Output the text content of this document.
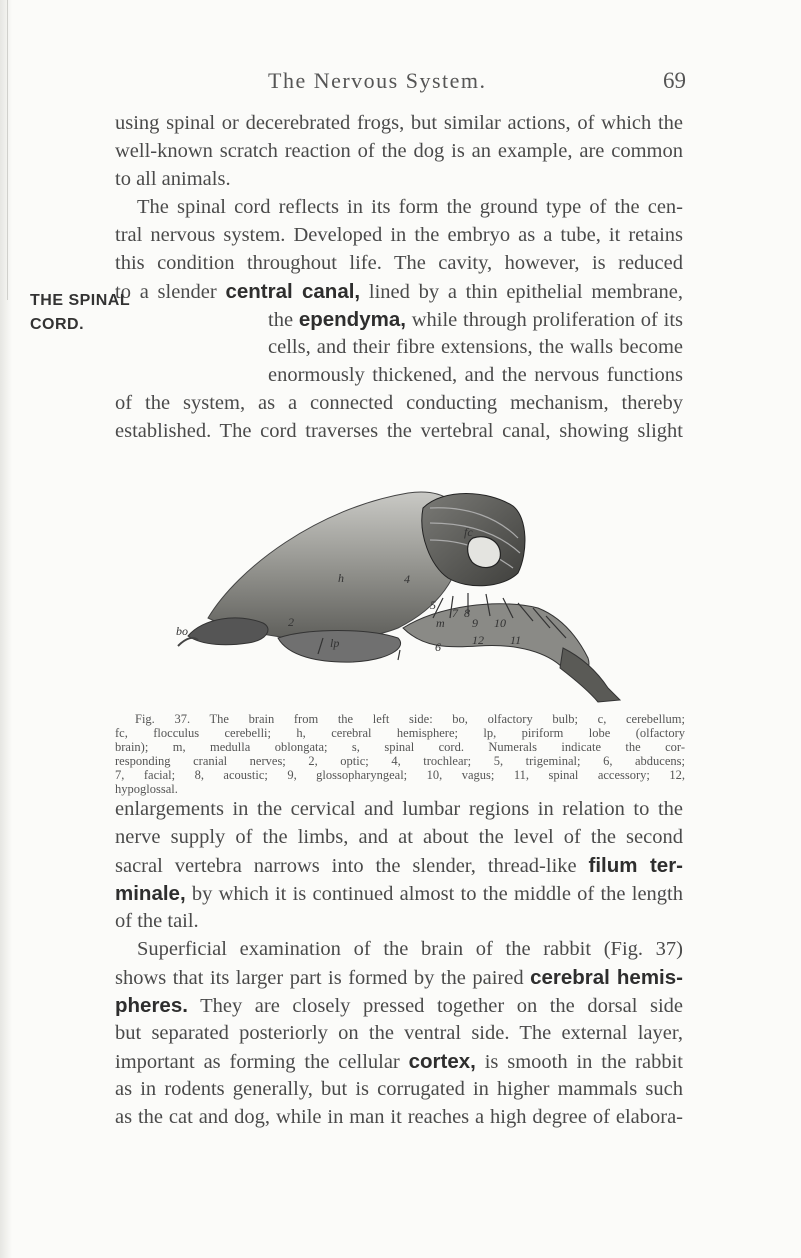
The Nervous System.	69
using spinal or decerebrated frogs, but similar actions, of which the
well-known scratch reaction of the dog is an example, are common
to all animals.
The spinal cord reflects in its form the ground type of the cen-
tral nervous system. Developed in the embryo as a tube, it retains
this condition throughout life. The cavity, however, is reduced
to a slender central canal, lined by a thin epithelial membrane,
the ependyma, while through proliferation of its
cells, and their fibre extensions, the walls become
enormously thickened, and the nervous functions
of the system, as a connected conducting mechanism, thereby
established. The cord traverses the vertebral canal, showing slight
THE SPINAL
CORD.
bo
h
lp
2
4
fc
5
6
7 8
9 10
m
12 11
Fig. 37. The brain from the left side: bo, olfactory bulb; c, cerebellum;
fc, flocculus cerebelli; h, cerebral hemisphere; lp, piriform lobe (olfactory
brain); m, medulla oblongata; s, spinal cord. Numerals indicate the cor-
responding cranial nerves; 2, optic; 4, trochlear; 5, trigeminal; 6, abducens;
7, facial; 8, acoustic; 9, glossopharyngeal; 10, vagus; 11, spinal accessory; 12,
hypoglossal.
enlargements in the cervical and lumbar regions in relation to the
nerve supply of the limbs, and at about the level of the second
sacral vertebra narrows into the slender, thread-like filum ter-
minale, by which it is continued almost to the middle of the length
of the tail.
Superficial examination of the brain of the rabbit (Fig. 37)
shows that its larger part is formed by the paired cerebral hemis-
pheres. They are closely pressed together on the dorsal side
but separated posteriorly on the ventral side. The external layer,
important as forming the cellular cortex, is smooth in the rabbit
as in rodents generally, but is corrugated in higher mammals such
as the cat and dog, while in man it reaches a high degree of elabora-
